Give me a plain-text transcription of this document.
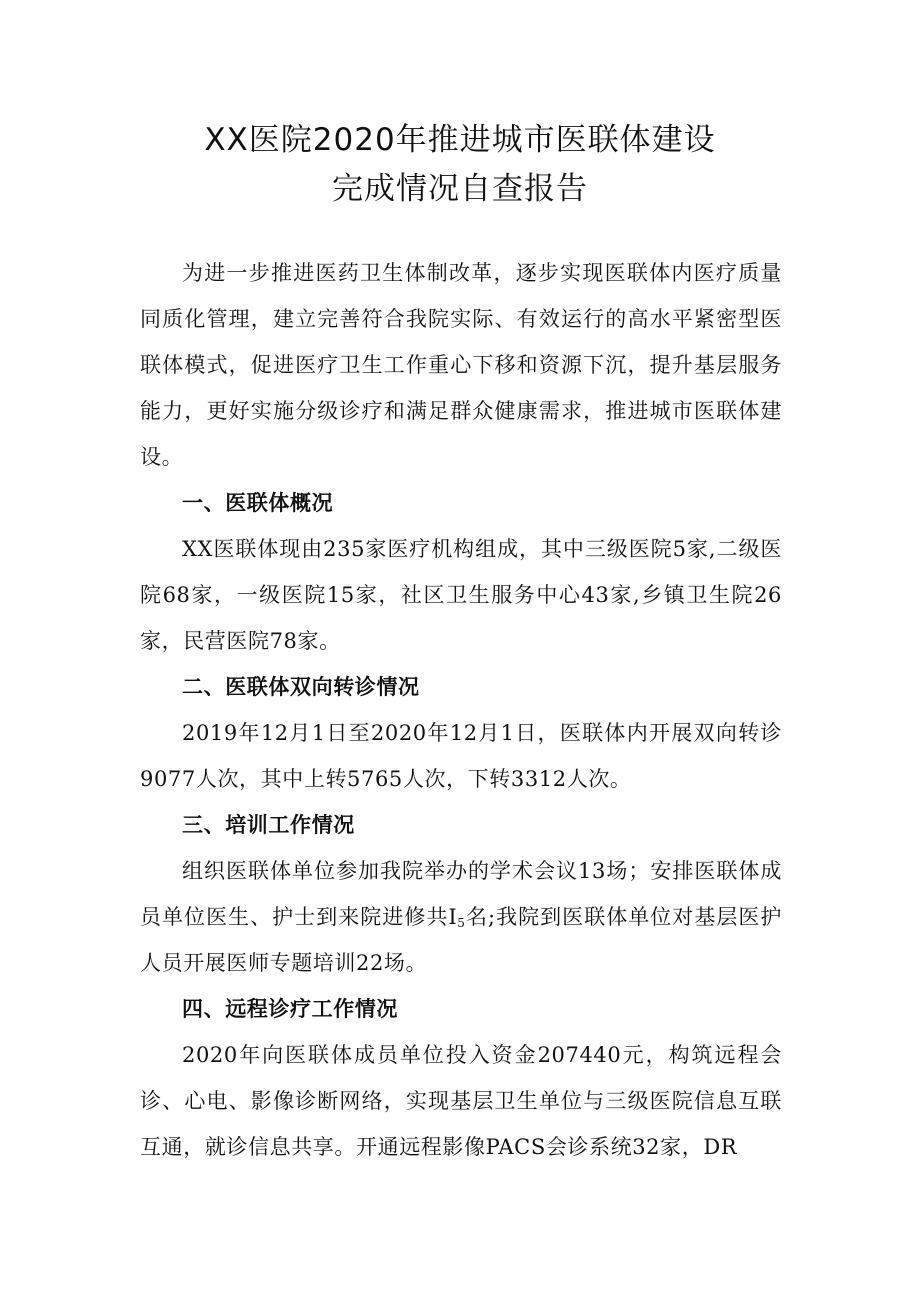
XX医院2020年推进城市医联体建设
完成情况自查报告

为进一步推进医药卫生体制改革，逐步实现医联体内医疗质量同质化管理，建立完善符合我院实际、有效运行的高水平紧密型医联体模式，促进医疗卫生工作重心下移和资源下沉，提升基层服务能力，更好实施分级诊疗和满足群众健康需求，推进城市医联体建设。

一、医联体概况

XX医联体现由235家医疗机构组成，其中三级医院5家,二级医院68家，一级医院15家，社区卫生服务中心43家,乡镇卫生院26家，民营医院78家。

二、医联体双向转诊情况

2019年12月1日至2020年12月1日，医联体内开展双向转诊9077人次，其中上转5765人次，下转3312人次。

三、培训工作情况

组织医联体单位参加我院举办的学术会议13场；安排医联体成员单位医生、护士到来院进修共$I_5$名;我院到医联体单位对基层医护人员开展医师专题培训22场。

四、远程诊疗工作情况

2020年向医联体成员单位投入资金207440元，构筑远程会诊、心电、影像诊断网络，实现基层卫生单位与三级医院信息互联互通，就诊信息共享。开通远程影像PACS会诊系统32家，DR
